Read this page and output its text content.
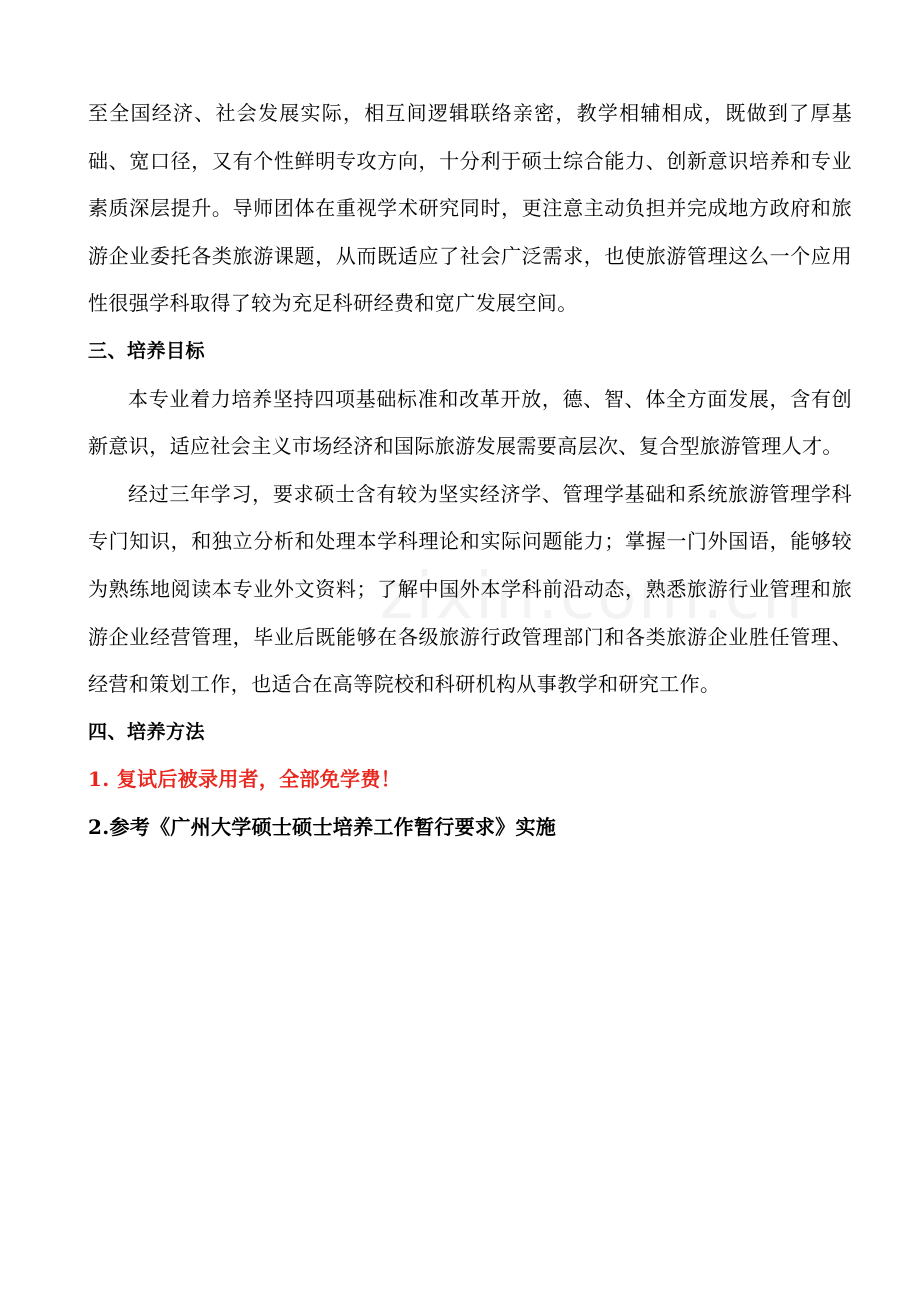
至全国经济、社会发展实际，相互间逻辑联络亲密，教学相辅相成，既做到了厚基础、宽口径，又有个性鲜明专攻方向，十分利于硕士综合能力、创新意识培养和专业素质深层提升。导师团体在重视学术研究同时，更注意主动负担并完成地方政府和旅游企业委托各类旅游课题，从而既适应了社会广泛需求，也使旅游管理这么一个应用性很强学科取得了较为充足科研经费和宽广发展空间。

三、培养目标

本专业着力培养坚持四项基础标准和改革开放，德、智、体全方面发展，含有创新意识，适应社会主义市场经济和国际旅游发展需要高层次、复合型旅游管理人才。

经过三年学习，要求硕士含有较为坚实经济学、管理学基础和系统旅游管理学科专门知识，和独立分析和处理本学科理论和实际问题能力；掌握一门外国语，能够较为熟练地阅读本专业外文资料；了解中国外本学科前沿动态，熟悉旅游行业管理和旅游企业经营管理，毕业后既能够在各级旅游行政管理部门和各类旅游企业胜任管理、经营和策划工作，也适合在高等院校和科研机构从事教学和研究工作。

四、培养方法

1. 复试后被录用者，全部免学费！

2.参考《广州大学硕士硕士培养工作暂行要求》实施
